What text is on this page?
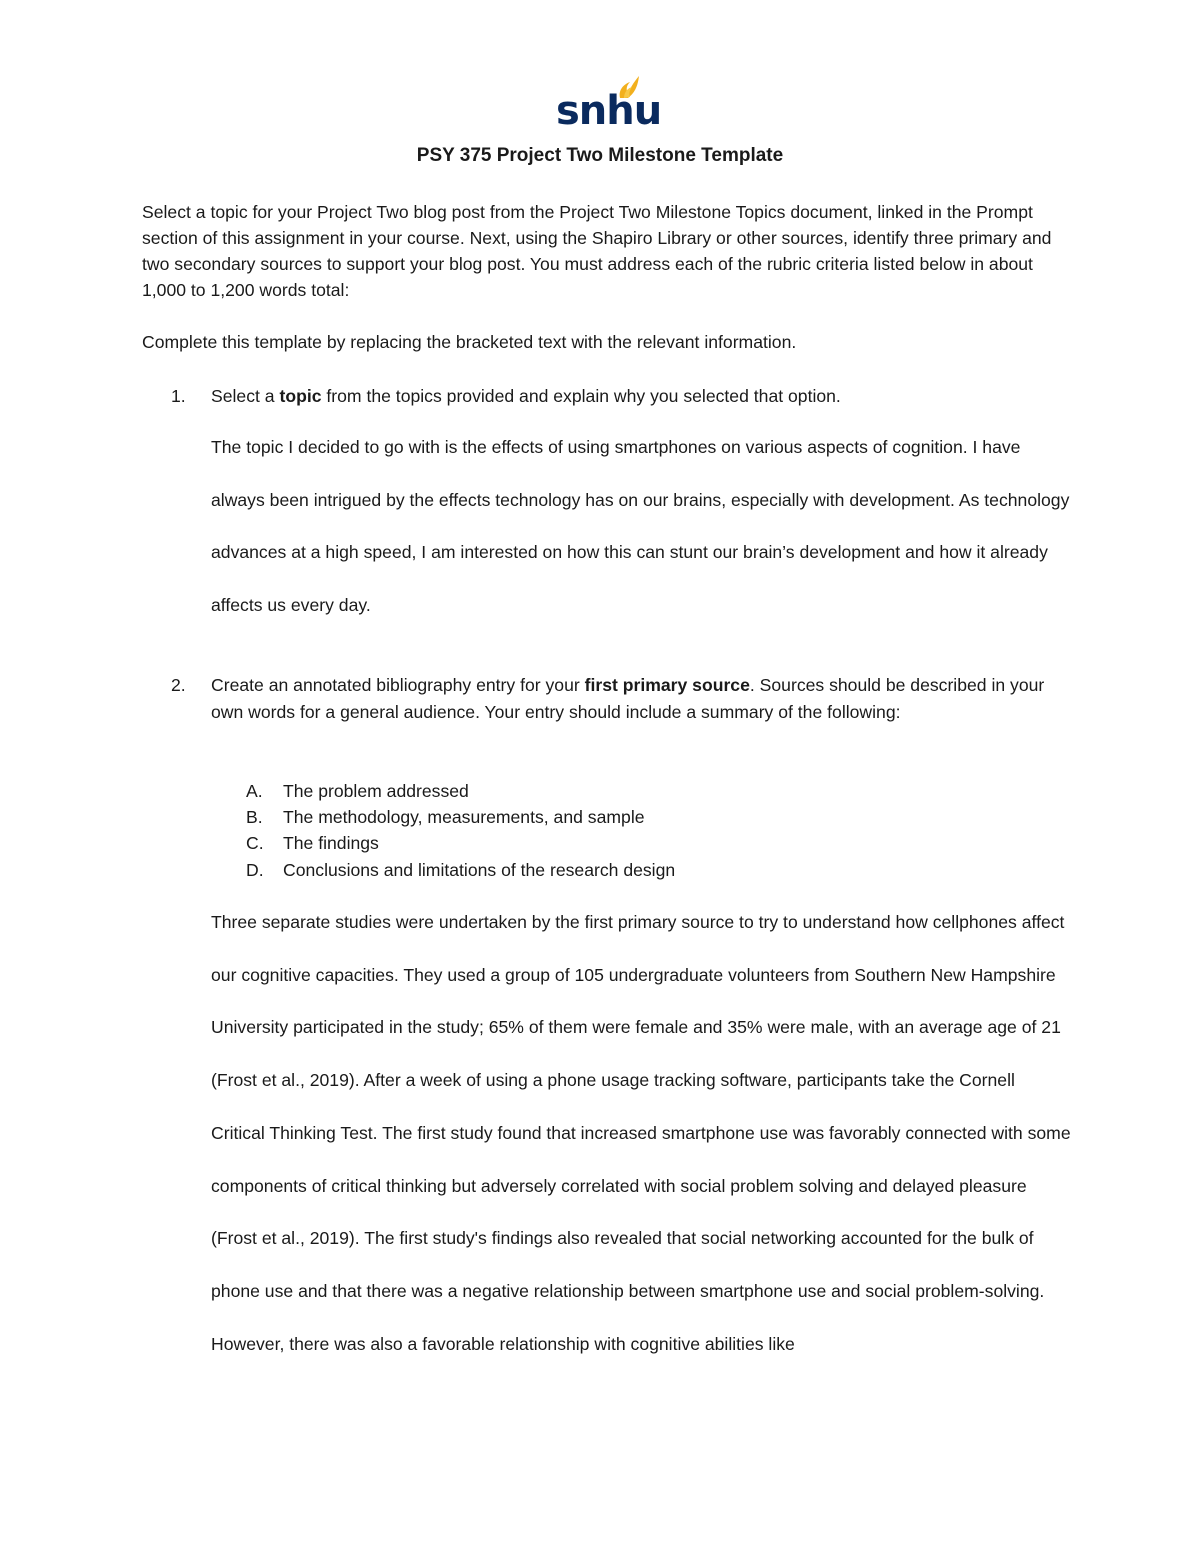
snhu
PSY 375 Project Two Milestone Template

Select a topic for your Project Two blog post from the Project Two Milestone Topics document, linked in the Prompt section of this assignment in your course. Next, using the Shapiro Library or other sources, identify three primary and two secondary sources to support your blog post. You must address each of the rubric criteria listed below in about 1,000 to 1,200 words total:

Complete this template by replacing the bracketed text with the relevant information.

1. Select a topic from the topics provided and explain why you selected that option.

The topic I decided to go with is the effects of using smartphones on various aspects of cognition. I have always been intrigued by the effects technology has on our brains, especially with development. As technology advances at a high speed, I am interested on how this can stunt our brain’s development and how it already affects us every day.

2. Create an annotated bibliography entry for your first primary source. Sources should be described in your own words for a general audience. Your entry should include a summary of the following:

A. The problem addressed
B. The methodology, measurements, and sample
C. The findings
D. Conclusions and limitations of the research design

Three separate studies were undertaken by the first primary source to try to understand how cellphones affect our cognitive capacities. They used a group of 105 undergraduate volunteers from Southern New Hampshire University participated in the study; 65% of them were female and 35% were male, with an average age of 21 (Frost et al., 2019). After a week of using a phone usage tracking software, participants take the Cornell Critical Thinking Test. The first study found that increased smartphone use was favorably connected with some components of critical thinking but adversely correlated with social problem solving and delayed pleasure (Frost et al., 2019). The first study's findings also revealed that social networking accounted for the bulk of phone use and that there was a negative relationship between smartphone use and social problem-solving. However, there was also a favorable relationship with cognitive abilities like
